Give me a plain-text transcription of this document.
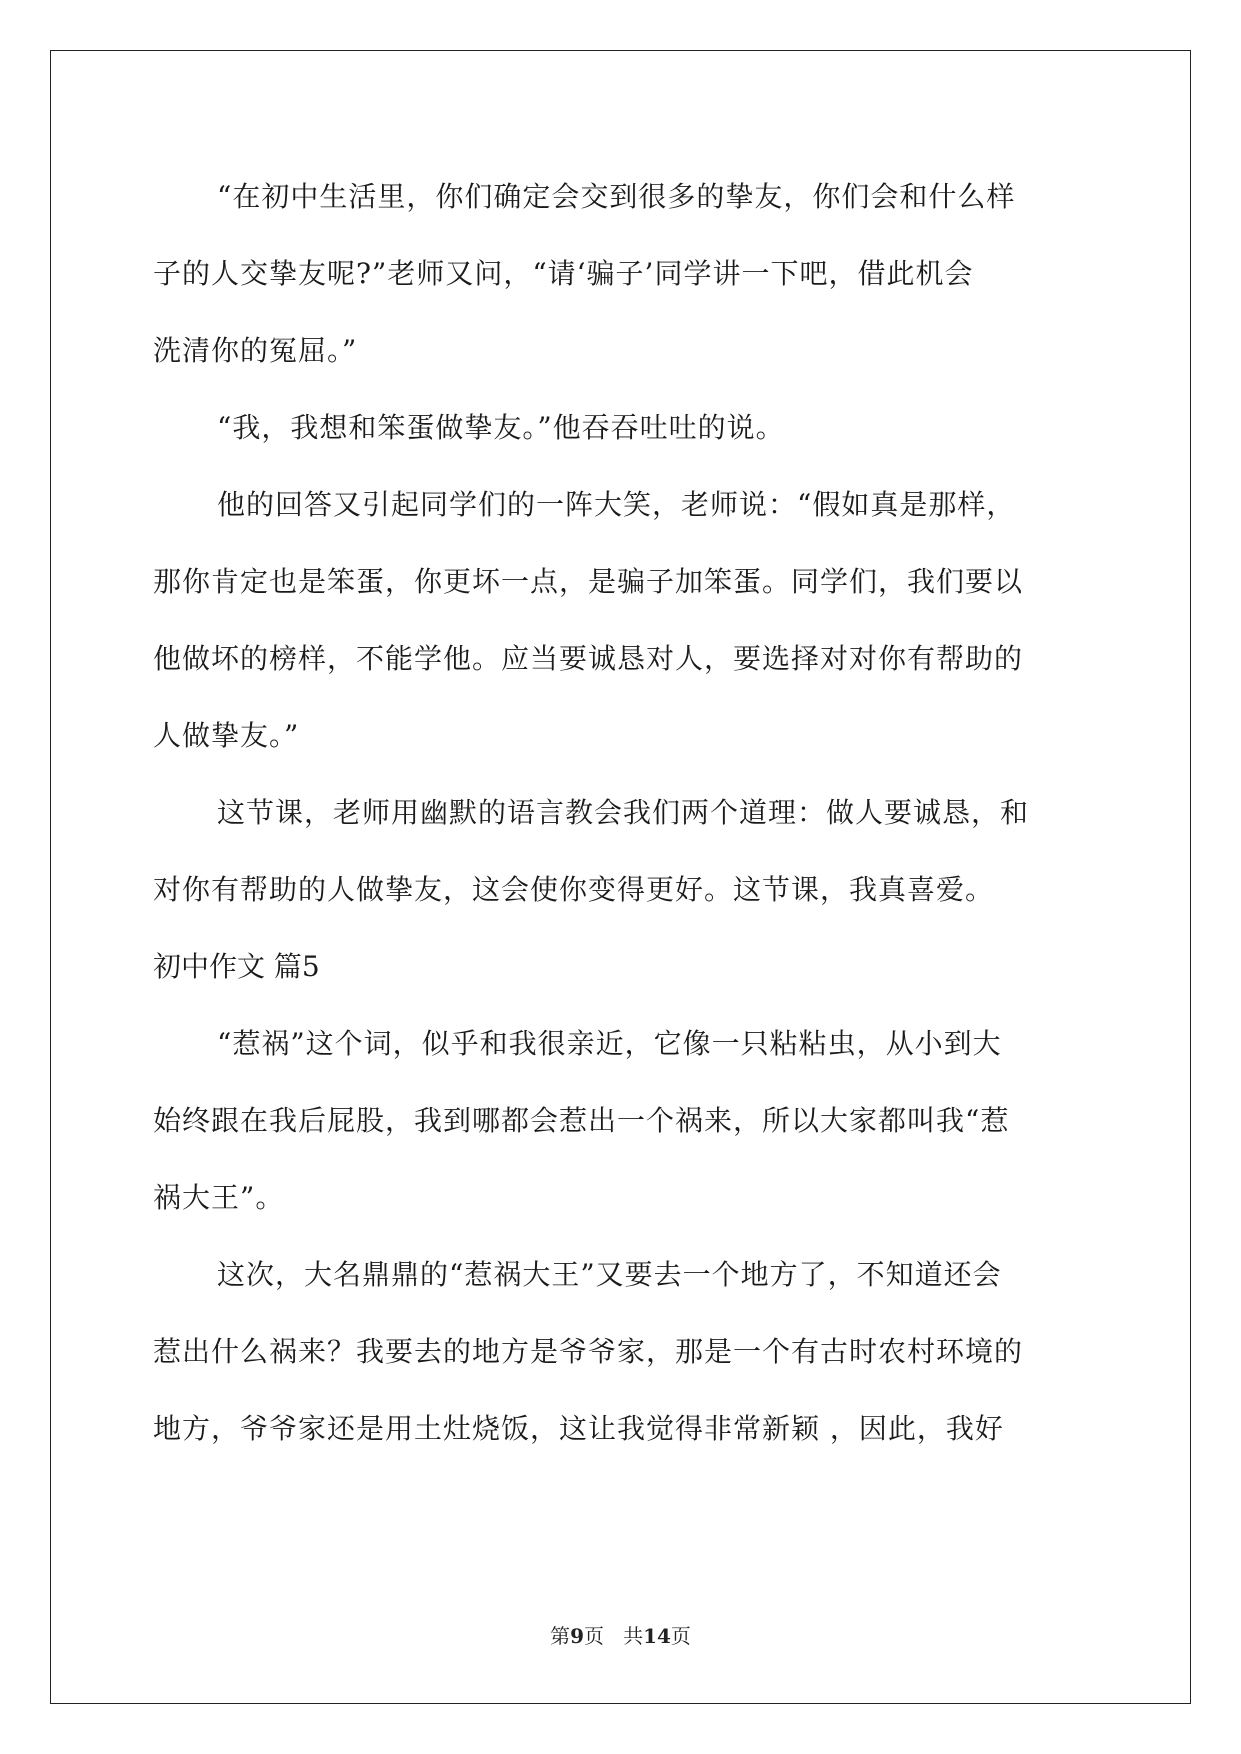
“在初中生活里，你们确定会交到很多的挚友，你们会和什么样

子的人交挚友呢?”老师又问，“请‘骗子’同学讲一下吧，借此机会

洗清你的冤屈。”

“我，我想和笨蛋做挚友。”他吞吞吐吐的说。

他的回答又引起同学们的一阵大笑，老师说：“假如真是那样，

那你肯定也是笨蛋，你更坏一点，是骗子加笨蛋。同学们，我们要以

他做坏的榜样，不能学他。应当要诚恳对人，要选择对对你有帮助的

人做挚友。”

这节课，老师用幽默的语言教会我们两个道理：做人要诚恳，和

对你有帮助的人做挚友，这会使你变得更好。这节课，我真喜爱。

初中作文 篇5

“惹祸”这个词，似乎和我很亲近，它像一只粘粘虫，从小到大

始终跟在我后屁股，我到哪都会惹出一个祸来，所以大家都叫我“惹

祸大王”。

这次，大名鼎鼎的“惹祸大王”又要去一个地方了，不知道还会

惹出什么祸来？我要去的地方是爷爷家，那是一个有古时农村环境的

地方，爷爷家还是用土灶烧饭，这让我觉得非常新颖 ，因此，我好

第9页   共14页
